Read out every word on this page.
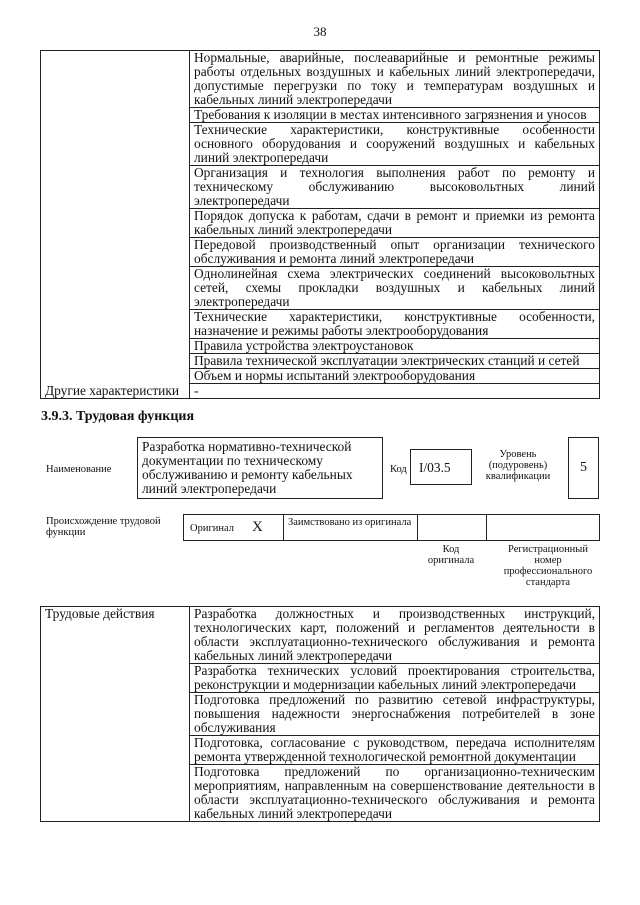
38
	Нормальные, аварийные, послеаварийные и ремонтные режимы работы отдельных воздушных и кабельных линий электропередачи, допустимые перегрузки по току и температурам воздушных и кабельных линий электропередачи
	Требования к изоляции в местах интенсивного загрязнения и уносов
	Технические характеристики, конструктивные особенности основного оборудования и сооружений воздушных и кабельных линий электропередачи
	Организация и технология выполнения работ по ремонту и техническому обслуживанию высоковольтных линий электропередачи
	Порядок допуска к работам, сдачи в ремонт и приемки из ремонта кабельных линий электропередачи
	Передовой производственный опыт организации технического обслуживания и ремонта линий электропередачи
	Однолинейная схема электрических соединений высоковольтных сетей, схемы прокладки воздушных и кабельных линий электропередачи
	Технические характеристики, конструктивные особенности, назначение и режимы работы электрооборудования
	Правила устройства электроустановок
	Правила технической эксплуатации электрических станций и сетей
	Объем и нормы испытаний электрооборудования
Другие характеристики	-
3.9.3. Трудовая функция
Наименование
Разработка нормативно-технической документации по техническому обслуживанию и ремонту кабельных линий электропередачи
Код I/03.5
Уровень (подуровень) квалификации
5
Происхождение трудовой функции	Оригинал X Заимствовано из оригинала
Код оригинала
Регистрационный номер профессионального стандарта
Трудовые действия	Разработка должностных и производственных инструкций, технологических карт, положений и регламентов деятельности в области эксплуатационно-технического обслуживания и ремонта кабельных линий электропередачи
Разработка технических условий проектирования строительства, реконструкции и модернизации кабельных линий электропередачи
Подготовка предложений по развитию сетевой инфраструктуры, повышения надежности энергоснабжения потребителей в зоне обслуживания
Подготовка, согласование с руководством, передача исполнителям ремонта утвержденной технологической ремонтной документации
Подготовка предложений по организационно-техническим мероприятиям, направленным на совершенствование деятельности в области эксплуатационно-технического обслуживания и ремонта кабельных линий электропередачи
